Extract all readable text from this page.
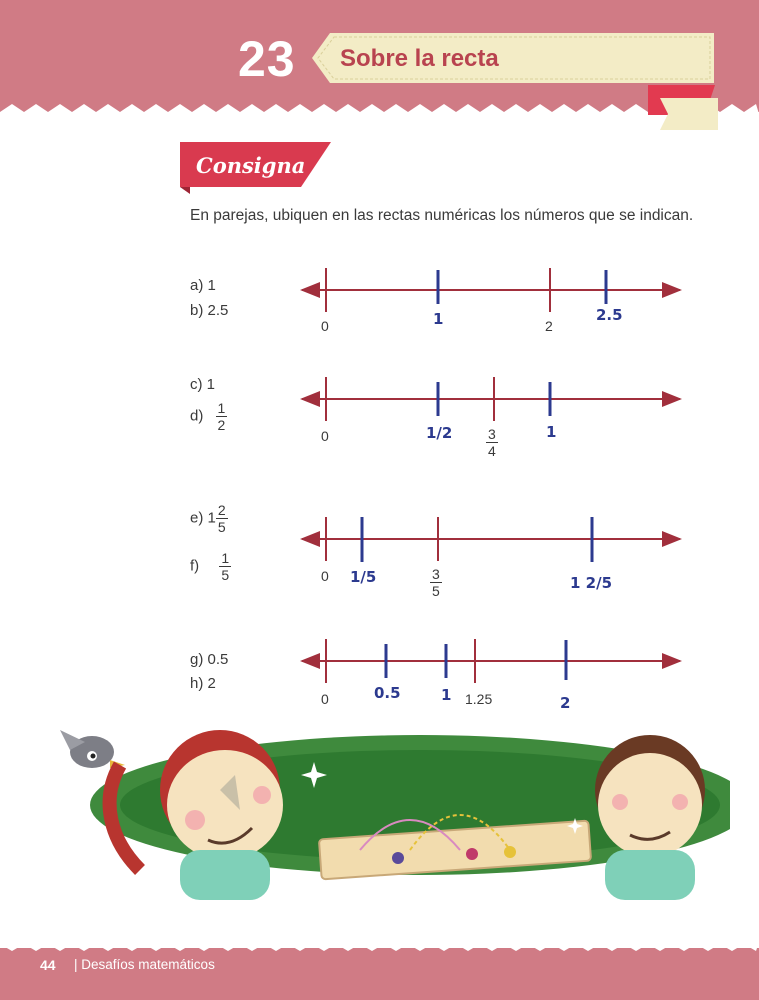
23 Sobre la recta
Consigna
En parejas, ubiquen en las rectas numéricas los números que se indican.
a) 1
b) 2.5
c) 1
$d) \frac{1}{2}$
e) $1 \frac{2}{5}$
$f) \frac{1}{5}$
g) 0.5
h) 2
0	2
1	2.5
0	$\frac{3}{4}$
1/2	1
0	$\frac{3}{5}$
1/5	1 2/5
0	1.25
0.5	1	2
44 | Desafíos matemáticos
